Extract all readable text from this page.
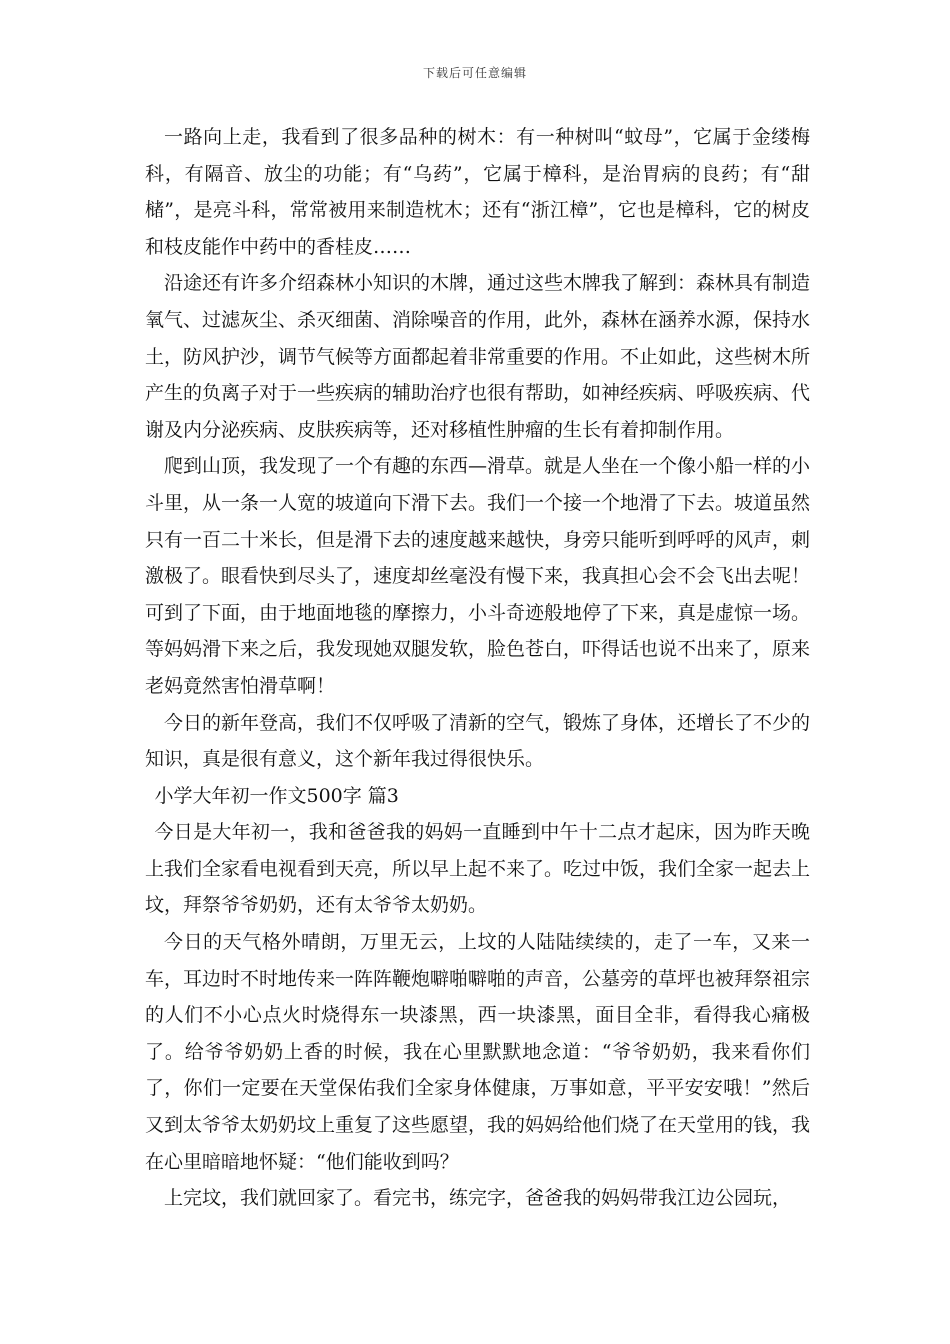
下载后可任意编辑

一路向上走，我看到了很多品种的树木：有一种树叫“蚊母”，它属于金缕梅科，有隔音、放尘的功能；有“乌药”，它属于樟科，是治胃病的良药；有“甜槠”，是亮斗科，常常被用来制造枕木；还有“浙江樟”，它也是樟科，它的树皮和枝皮能作中药中的香桂皮……

沿途还有许多介绍森林小知识的木牌，通过这些木牌我了解到：森林具有制造氧气、过滤灰尘、杀灭细菌、消除噪音的作用，此外，森林在涵养水源，保持水土，防风护沙，调节气候等方面都起着非常重要的作用。不止如此，这些树木所产生的负离子对于一些疾病的辅助治疗也很有帮助，如神经疾病、呼吸疾病、代谢及内分泌疾病、皮肤疾病等，还对移植性肿瘤的生长有着抑制作用。

爬到山顶，我发现了一个有趣的东西—滑草。就是人坐在一个像小船一样的小斗里，从一条一人宽的坡道向下滑下去。我们一个接一个地滑了下去。坡道虽然只有一百二十米长，但是滑下去的速度越来越快，身旁只能听到呼呼的风声，刺激极了。眼看快到尽头了，速度却丝毫没有慢下来，我真担心会不会飞出去呢！可到了下面，由于地面地毯的摩擦力，小斗奇迹般地停了下来，真是虚惊一场。等妈妈滑下来之后，我发现她双腿发软，脸色苍白，吓得话也说不出来了，原来老妈竟然害怕滑草啊！

今日的新年登高，我们不仅呼吸了清新的空气，锻炼了身体，还增长了不少的知识，真是很有意义，这个新年我过得很快乐。

小学大年初一作文500字 篇3

今日是大年初一，我和爸爸我的妈妈一直睡到中午十二点才起床，因为昨天晚上我们全家看电视看到天亮，所以早上起不来了。吃过中饭，我们全家一起去上坟，拜祭爷爷奶奶，还有太爷爷太奶奶。

今日的天气格外晴朗，万里无云，上坟的人陆陆续续的，走了一车，又来一车，耳边时不时地传来一阵阵鞭炮噼啪噼啪的声音，公墓旁的草坪也被拜祭祖宗的人们不小心点火时烧得东一块漆黑，西一块漆黑，面目全非，看得我心痛极了。给爷爷奶奶上香的时候，我在心里默默地念道：“爷爷奶奶，我来看你们了，你们一定要在天堂保佑我们全家身体健康，万事如意，平平安安哦！”然后又到太爷爷太奶奶坟上重复了这些愿望，我的妈妈给他们烧了在天堂用的钱，我在心里暗暗地怀疑：“他们能收到吗？

上完坟，我们就回家了。看完书，练完字，爸爸我的妈妈带我江边公园玩，
